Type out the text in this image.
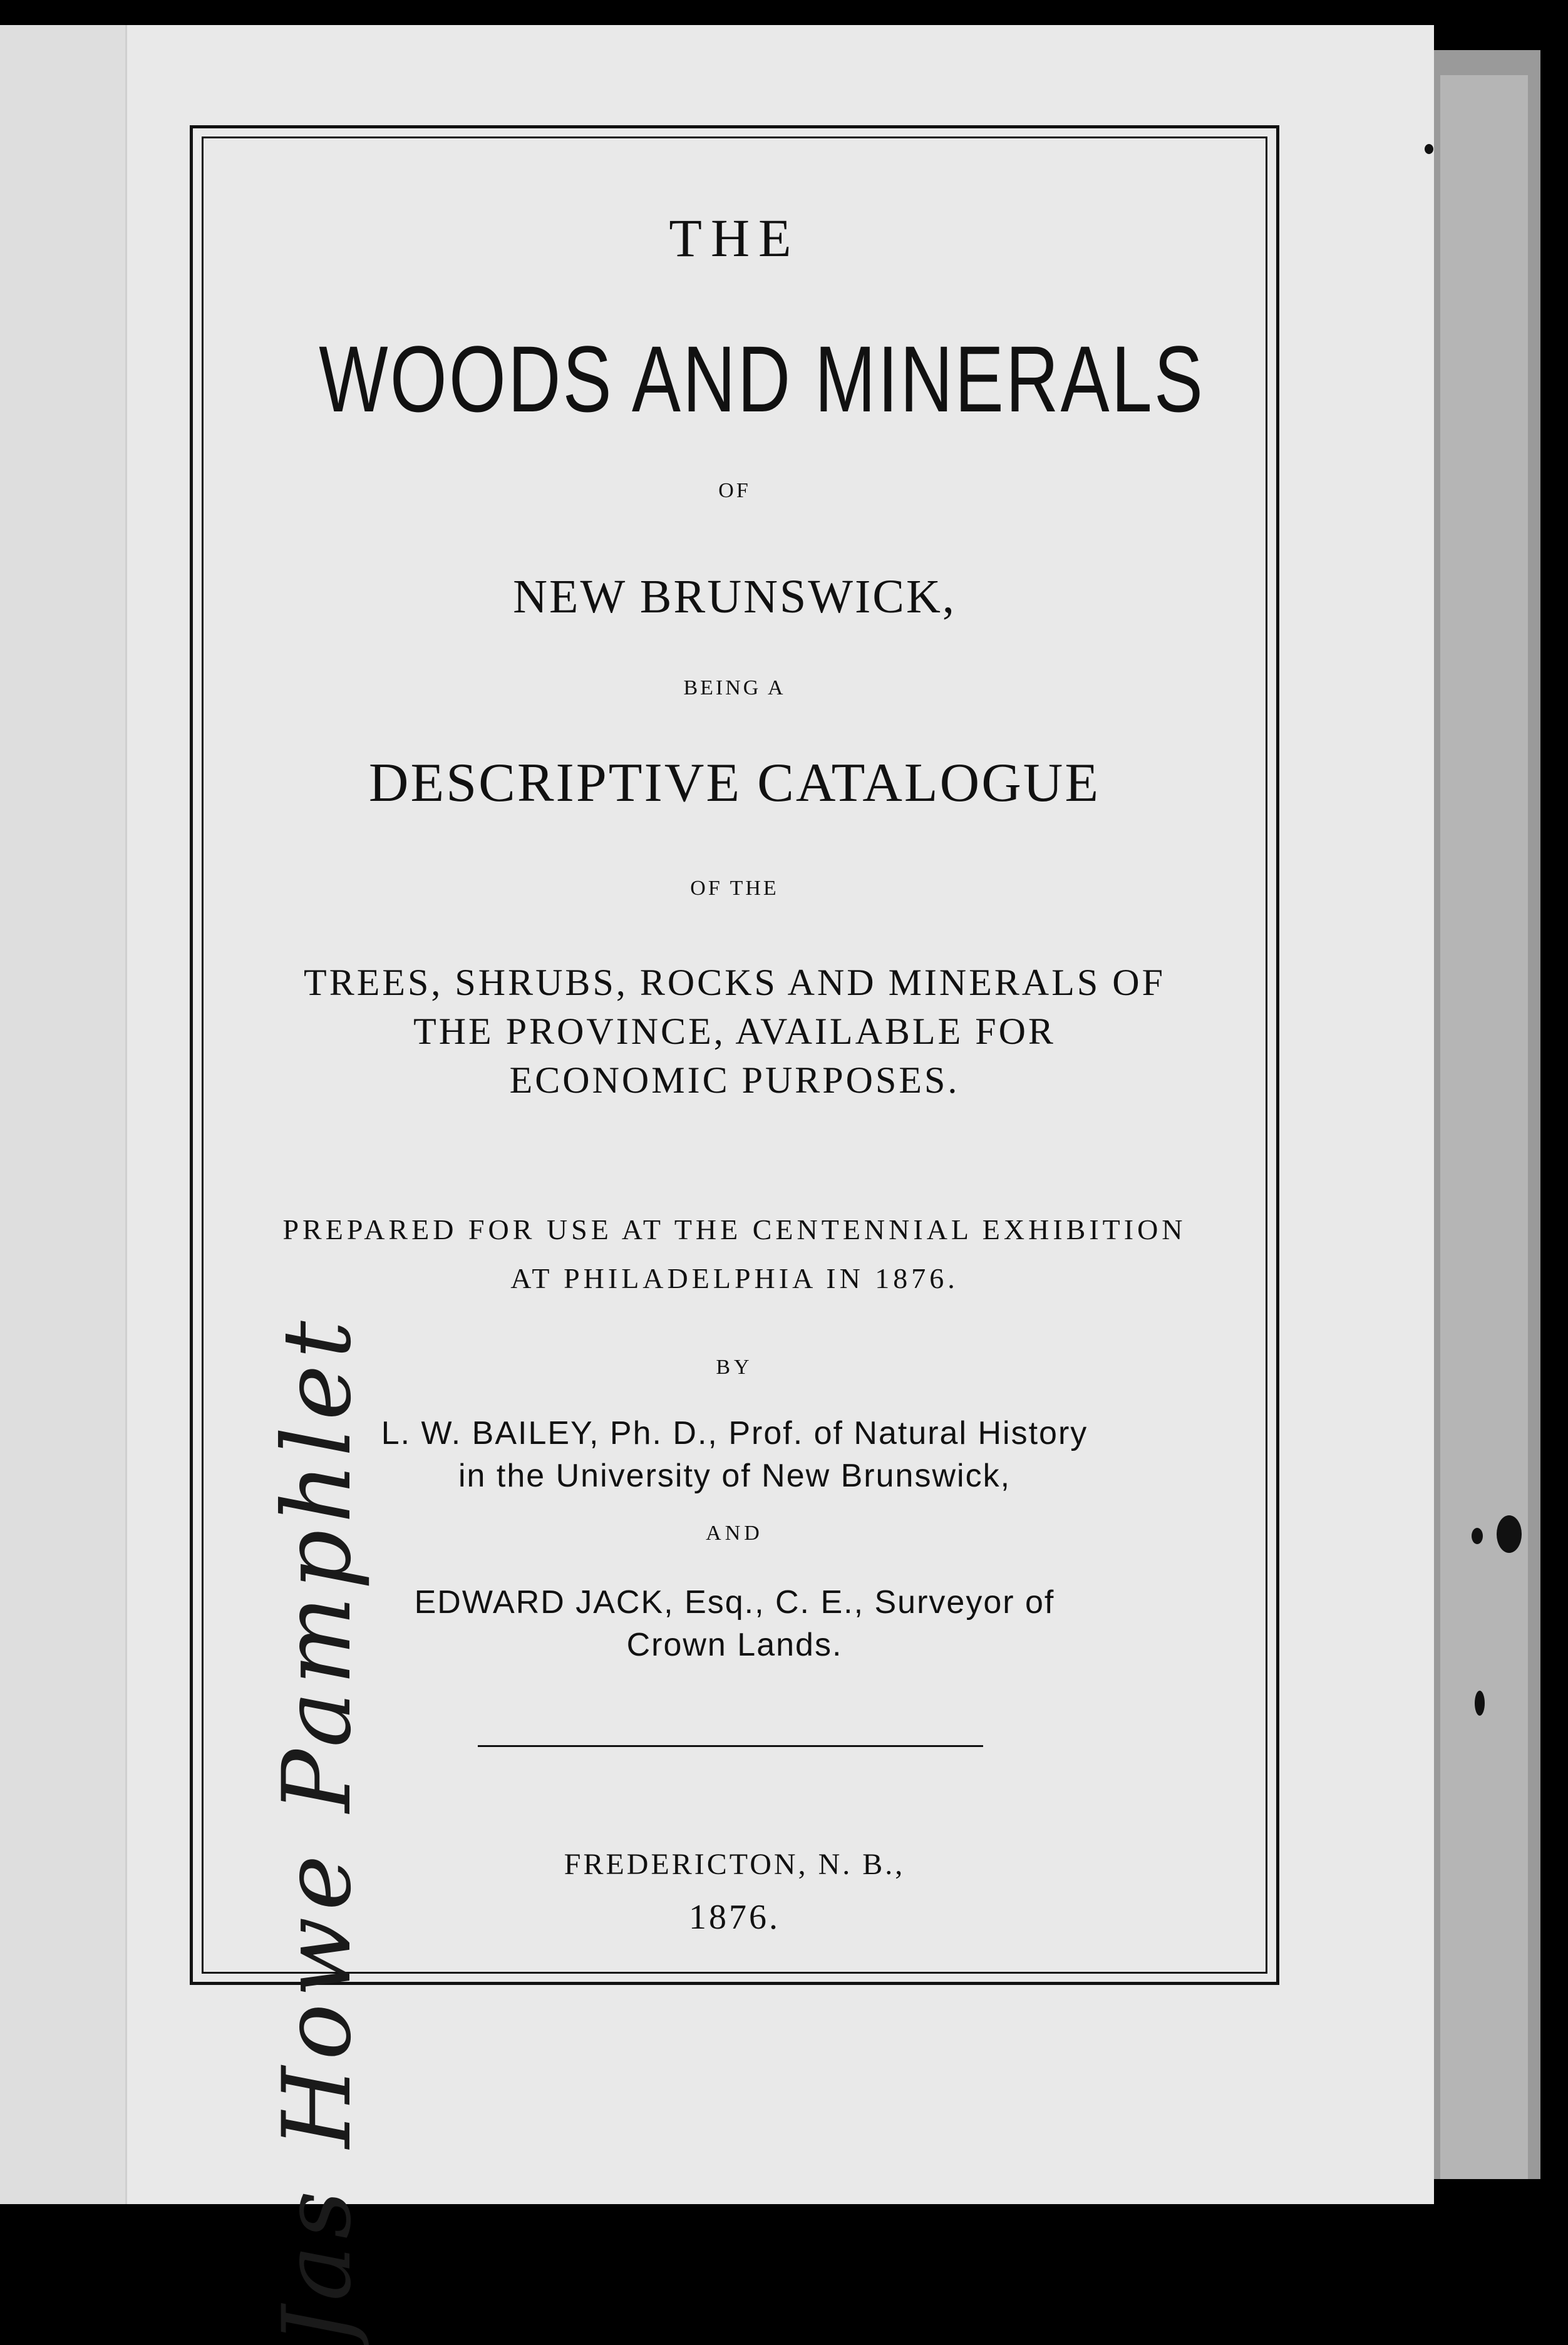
THE
WOODS AND MINERALS
OF
NEW BRUNSWICK,
BEING A
DESCRIPTIVE CATALOGUE
OF THE
TREES, SHRUBS, ROCKS AND MINERALS OF
THE PROVINCE, AVAILABLE FOR
ECONOMIC PURPOSES.
PREPARED FOR USE AT THE CENTENNIAL EXHIBITION
AT PHILADELPHIA IN 1876.
BY
L. W. BAILEY, Ph. D., Prof. of Natural History
in the University of New Brunswick,
AND
EDWARD JACK, Esq., C. E., Surveyor of
Crown Lands.
FREDERICTON, N. B.,
1876.
Jas Howe Pamphlet
